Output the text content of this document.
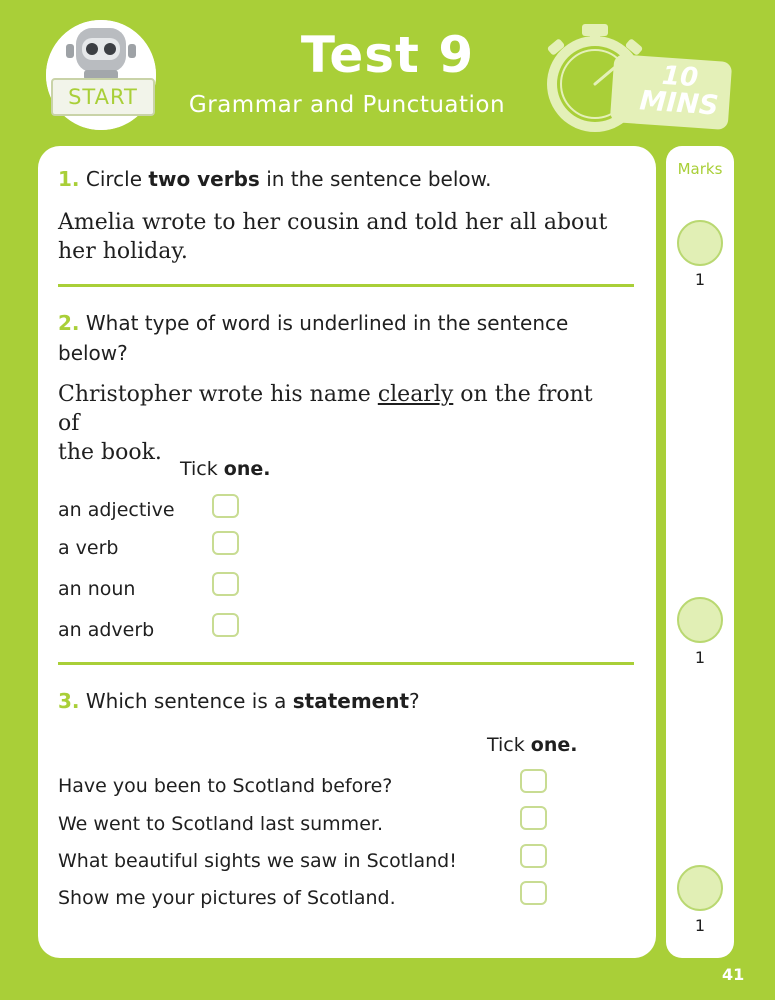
START
Test 9
Grammar and Punctuation
10
MINS
Marks
1
1
1
1. Circle two verbs in the sentence below.
Amelia wrote to her cousin and told her all about
her holiday.
2. What type of word is underlined in the sentence
below?
Christopher wrote his name clearly on the front of
the book.
Tick one.
an adjective
a verb
an noun
an adverb
3. Which sentence is a statement?
Tick one.
Have you been to Scotland before?
We went to Scotland last summer.
What beautiful sights we saw in Scotland!
Show me your pictures of Scotland.
41
